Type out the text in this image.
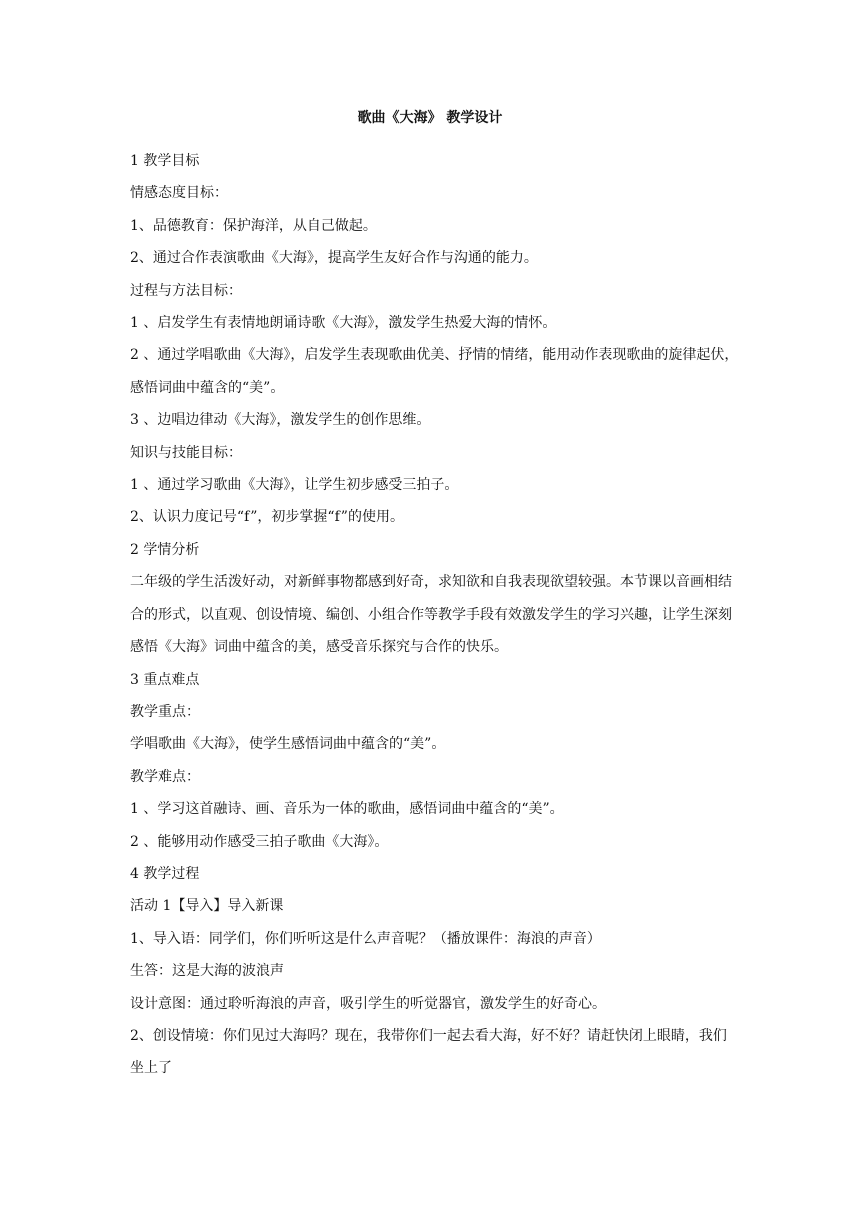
歌曲《大海》 教学设计

1 教学目标

情感态度目标：

1、品德教育：保护海洋，从自己做起。

2、通过合作表演歌曲《大海》，提高学生友好合作与沟通的能力。

过程与方法目标：

1 、启发学生有表情地朗诵诗歌《大海》，激发学生热爱大海的情怀。

2 、通过学唱歌曲《大海》，启发学生表现歌曲优美、抒情的情绪，能用动作表现歌曲的旋律起伏，感悟词曲中蕴含的“美”。

3 、边唱边律动《大海》，激发学生的创作思维。

知识与技能目标：

1 、通过学习歌曲《大海》，让学生初步感受三拍子。

2、认识力度记号“f”，初步掌握“f”的使用。

2 学情分析

二年级的学生活泼好动，对新鲜事物都感到好奇，求知欲和自我表现欲望较强。本节课以音画相结合的形式，以直观、创设情境、编创、小组合作等教学手段有效激发学生的学习兴趣，让学生深刻感悟《大海》词曲中蕴含的美，感受音乐探究与合作的快乐。

3 重点难点

教学重点：

学唱歌曲《大海》，使学生感悟词曲中蕴含的“美”。

教学难点：

1 、学习这首融诗、画、音乐为一体的歌曲，感悟词曲中蕴含的“美”。

2 、能够用动作感受三拍子歌曲《大海》。

4 教学过程

活动 1【导入】导入新课

1、导入语：同学们，你们听听这是什么声音呢？（播放课件：海浪的声音）

生答：这是大海的波浪声

设计意图：通过聆听海浪的声音，吸引学生的听觉器官，激发学生的好奇心。

2、创设情境：你们见过大海吗？现在，我带你们一起去看大海，好不好？请赶快闭上眼睛，我们坐上了
